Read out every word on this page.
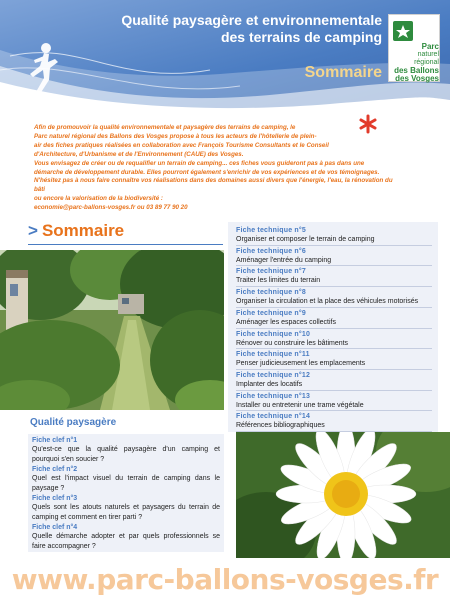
Qualité paysagère et environnementale
des terrains de camping
Sommaire
Parc
naturel
régional
des Ballons
des Vosges

Afin de promouvoir la qualité environnementale et paysagère des terrains de camping, le

Parc naturel régional des Ballons des Vosges propose à tous les acteurs de l'hôtellerie de plein-

air des fiches pratiques réalisées en collaboration avec François Tourisme Consultants et le Conseil

d'Architecture, d'Urbanisme et de l'Environnement (CAUE) des Vosges.

Vous envisagez de créer ou de requalifier un terrain de camping... ces fiches vous guideront pas à pas dans une

démarche de développement durable. Elles pourront également s'enrichir de vos expériences et de vos témoignages.

N'hésitez pas à nous faire connaître vos réalisations dans des domaines aussi divers que l'énergie, l'eau, la rénovation du bâti

ou encore la valorisation de la biodiversité :

economie@parc-ballons-vosges.fr ou 03 89 77 90 20

> Sommaire	Fiche technique n°5
Organiser et composer le terrain de camping
Fiche technique n°6
Aménager l'entrée du camping
Fiche technique n°7
Traiter les limites du terrain
Fiche technique n°8
Organiser la circulation et la place des véhicules motorisés
Fiche technique n°9
Aménager les espaces collectifs
Fiche technique n°10
Rénover ou construire les bâtiments
Fiche technique n°11
Penser judicieusement les emplacements
Fiche technique n°12
Implanter des locatifs
Fiche technique n°13
Installer ou entretenir une trame végétale
Fiche technique n°14
Références bibliographiques
Qualité paysagère
Fiche clef n°1
Qu'est-ce que la qualité paysagère d'un camping et pourquoi s'en soucier ?
Fiche clef n°2
Quel est l'impact visuel du terrain de camping dans le paysage ?
Fiche clef n°3
Quels sont les atouts naturels et paysagers du terrain de camping et comment en tirer parti ?
Fiche clef n°4
Quelle démarche adopter et par quels professionnels se faire accompagner ?
www.parc-ballons-vosges.fr
